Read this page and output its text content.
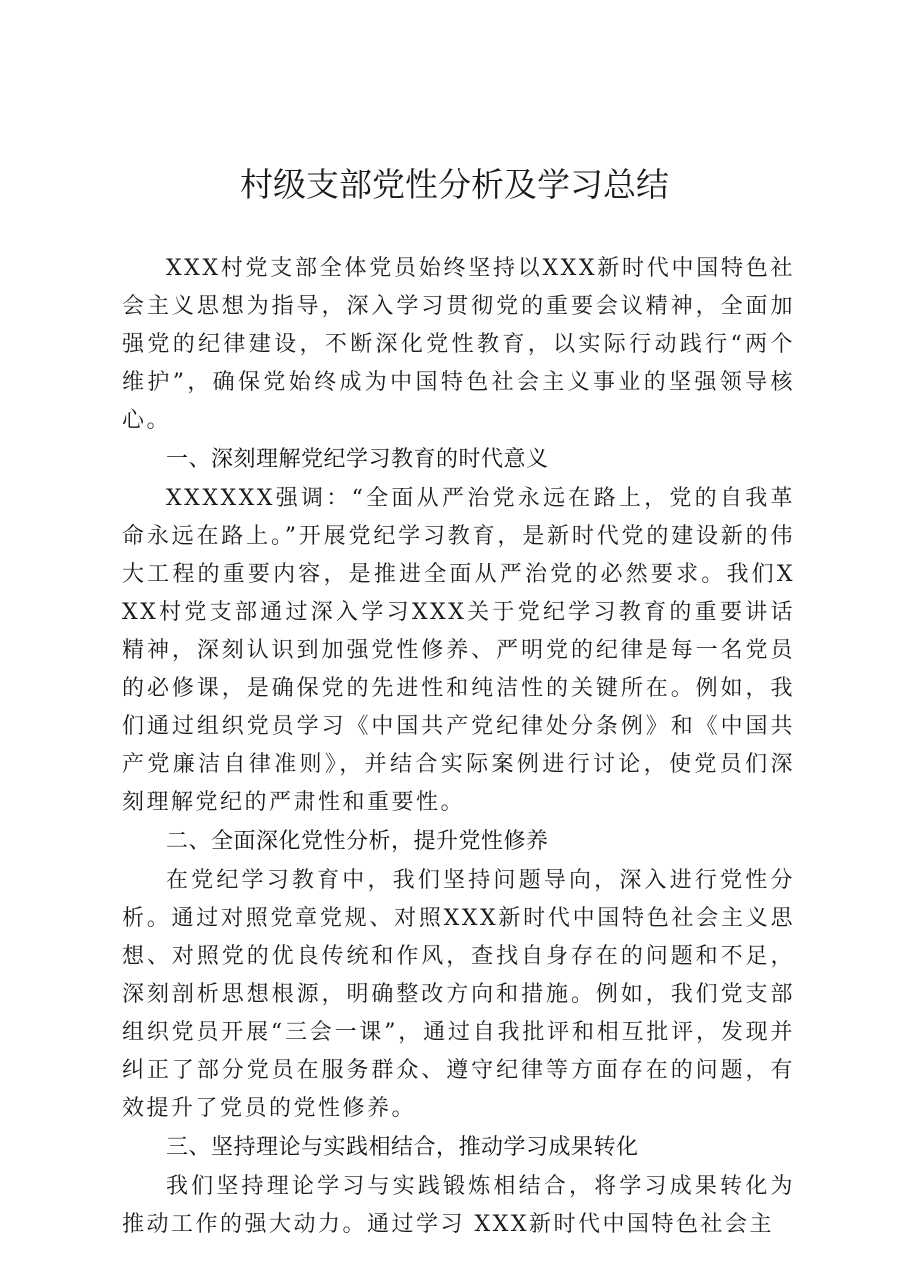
村级支部党性分析及学习总结

XXX村党支部全体党员始终坚持以XXX新时代中国特色社会主义思想为指导，深入学习贯彻党的重要会议精神，全面加强党的纪律建设，不断深化党性教育，以实际行动践行“两个维护”，确保党始终成为中国特色社会主义事业的坚强领导核心。

一、深刻理解党纪学习教育的时代意义

XXXXXX强调：“全面从严治党永远在路上，党的自我革命永远在路上。”开展党纪学习教育，是新时代党的建设新的伟大工程的重要内容，是推进全面从严治党的必然要求。我们XXX村党支部通过深入学习XXX关于党纪学习教育的重要讲话精神，深刻认识到加强党性修养、严明党的纪律是每一名党员的必修课，是确保党的先进性和纯洁性的关键所在。例如，我们通过组织党员学习《中国共产党纪律处分条例》和《中国共产党廉洁自律准则》，并结合实际案例进行讨论，使党员们深刻理解党纪的严肃性和重要性。

二、全面深化党性分析，提升党性修养

在党纪学习教育中，我们坚持问题导向，深入进行党性分析。通过对照党章党规、对照XXX新时代中国特色社会主义思想、对照党的优良传统和作风，查找自身存在的问题和不足，深刻剖析思想根源，明确整改方向和措施。例如，我们党支部组织党员开展“三会一课”，通过自我批评和相互批评，发现并纠正了部分党员在服务群众、遵守纪律等方面存在的问题，有效提升了党员的党性修养。

三、坚持理论与实践相结合，推动学习成果转化

我们坚持理论学习与实践锻炼相结合，将学习成果转化为推动工作的强大动力。通过学习 XXX新时代中国特色社会主
